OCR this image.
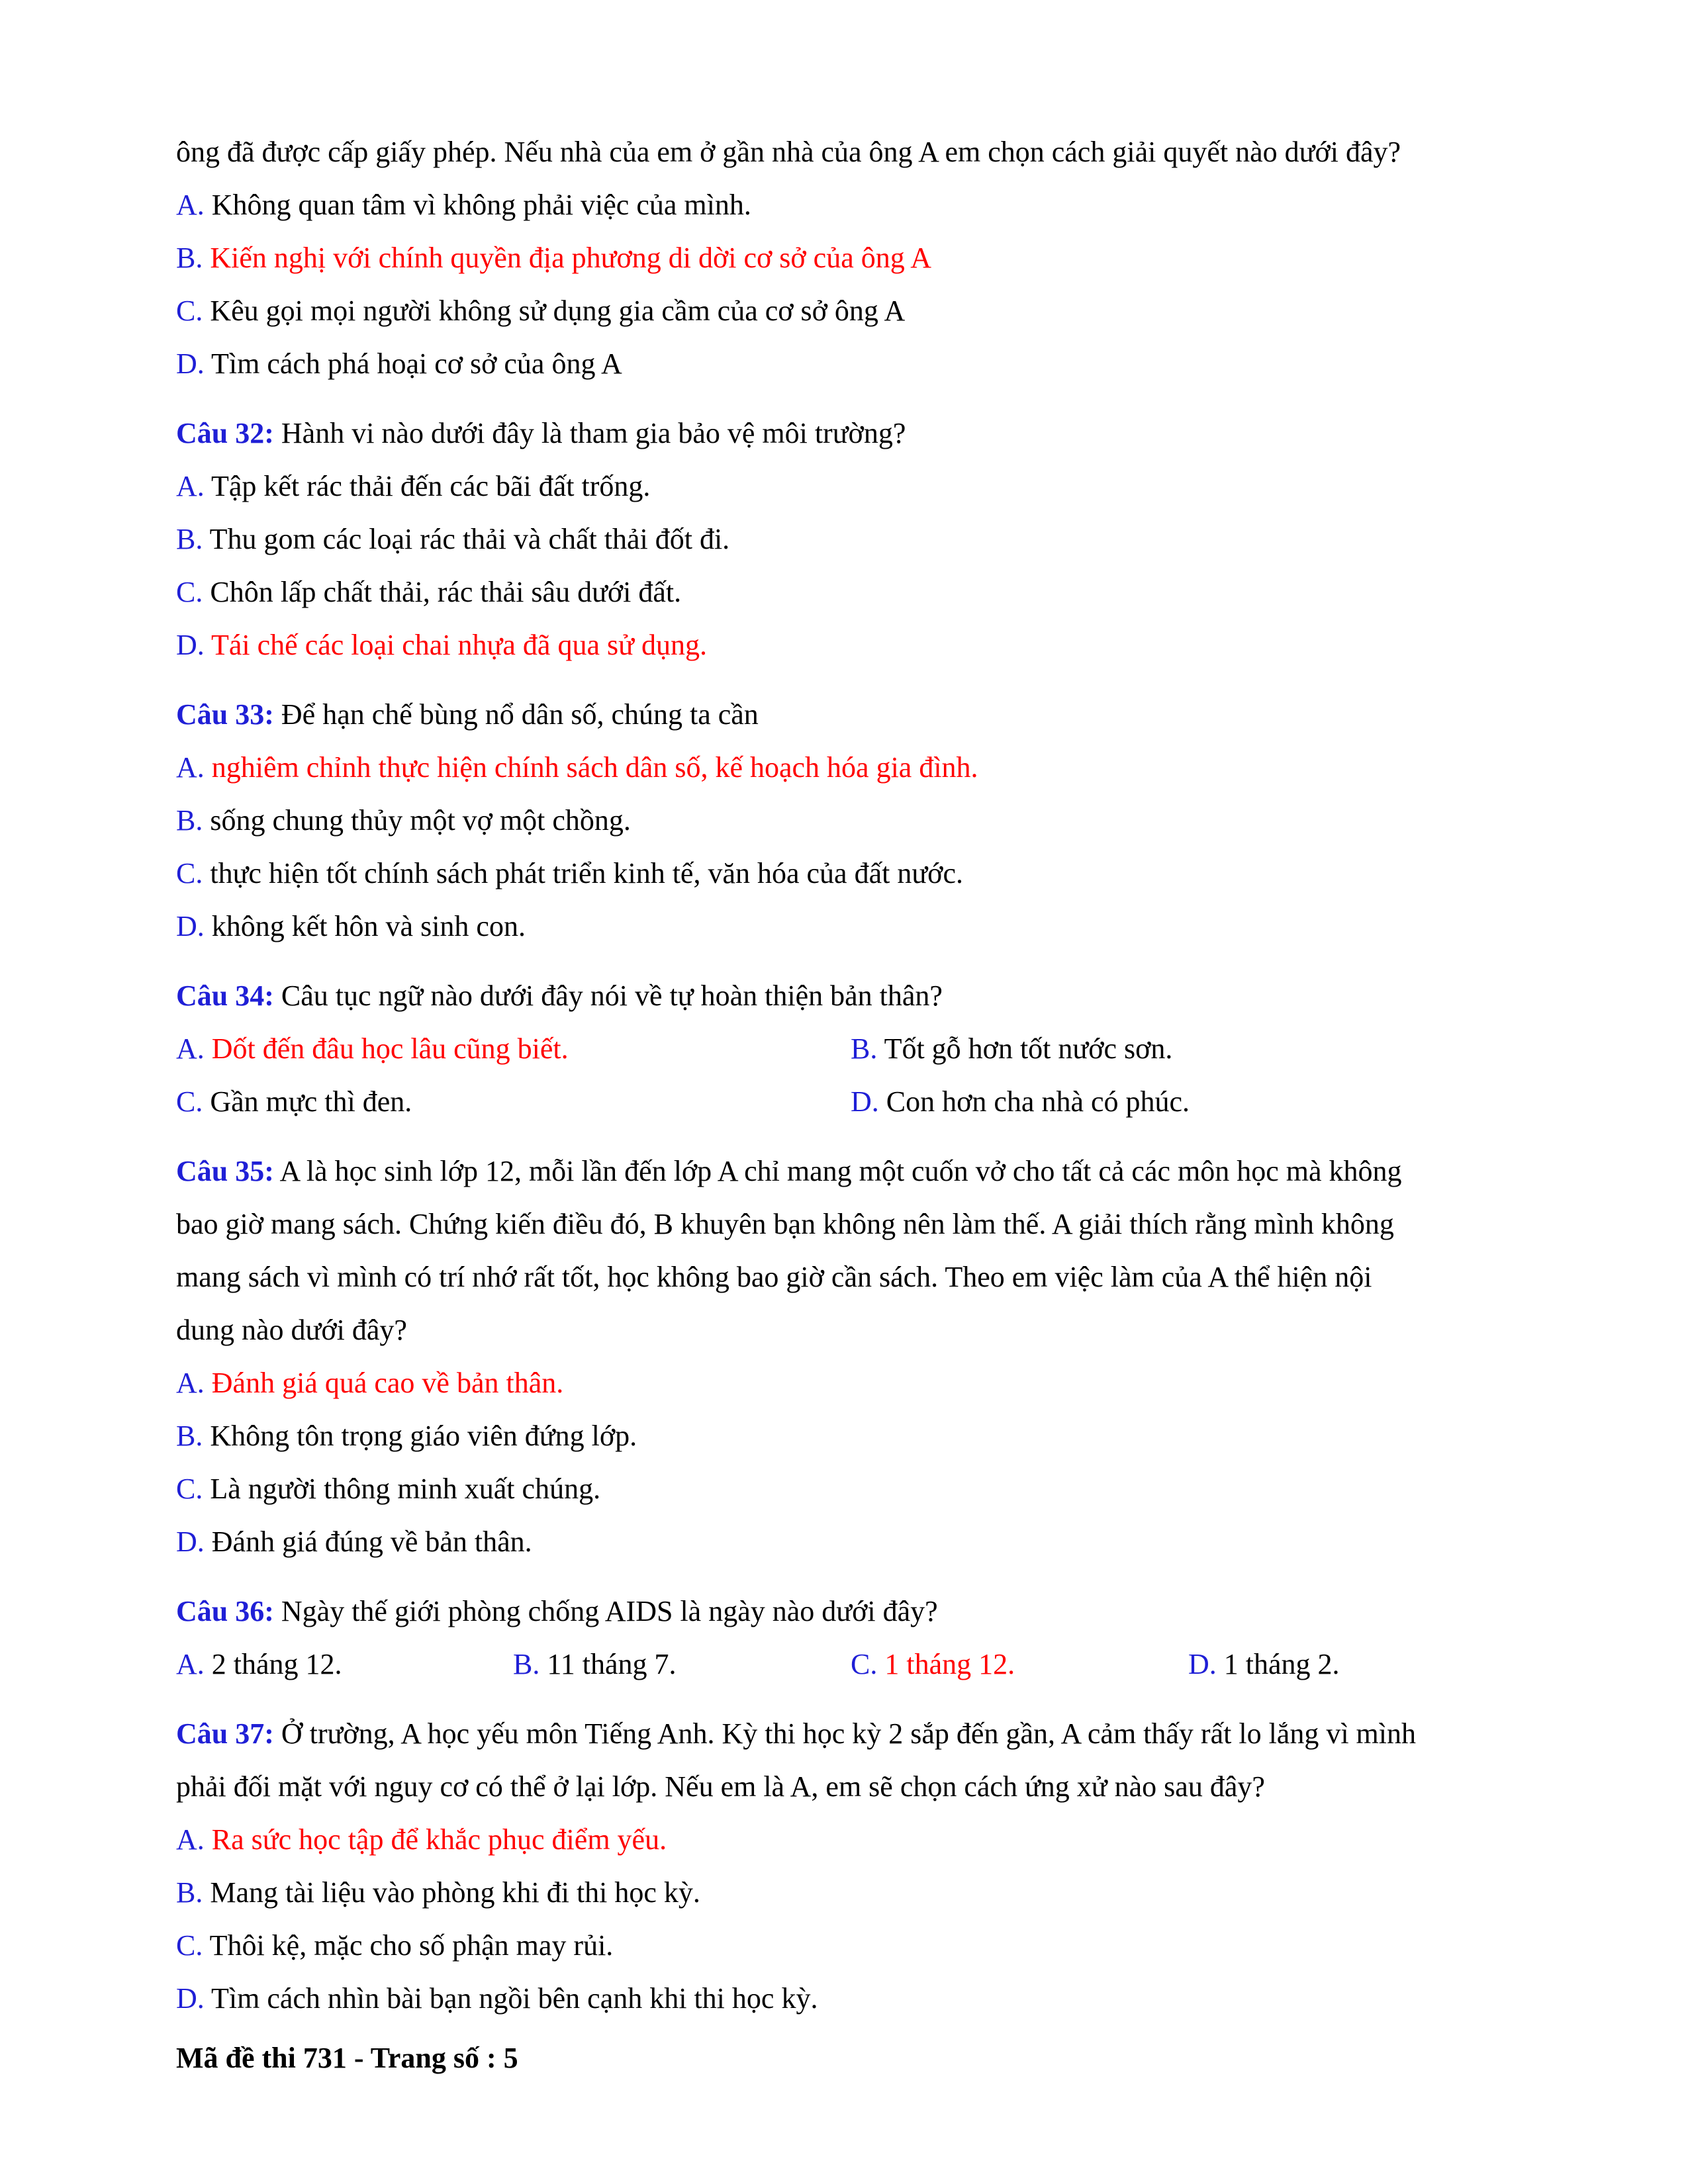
ông đã được cấp giấy phép. Nếu nhà của em ở gần nhà của ông A em chọn cách giải quyết nào dưới đây?
A. Không quan tâm vì không phải việc của mình.
B. Kiến nghị với chính quyền địa phương di dời cơ sở của ông A
C. Kêu gọi mọi người không sử dụng gia cầm của cơ sở ông A
D. Tìm cách phá hoại cơ sở của ông A
Câu 32: Hành vi nào dưới đây là tham gia bảo vệ môi trường?
A. Tập kết rác thải đến các bãi đất trống.
B. Thu gom các loại rác thải và chất thải đốt đi.
C. Chôn lấp chất thải, rác thải sâu dưới đất.
D. Tái chế các loại chai nhựa đã qua sử dụng.
Câu 33: Để hạn chế bùng nổ dân số, chúng ta cần
A. nghiêm chỉnh thực hiện chính sách dân số, kế hoạch hóa gia đình.
B. sống chung thủy một vợ một chồng.
C. thực hiện tốt chính sách phát triển kinh tế, văn hóa của đất nước.
D. không kết hôn và sinh con.
Câu 34: Câu tục ngữ nào dưới đây nói về tự hoàn thiện bản thân?
A. Dốt đến đâu học lâu cũng biết.	B. Tốt gỗ hơn tốt nước sơn.
C. Gần mực thì đen.	D. Con hơn cha nhà có phúc.
Câu 35: A là học sinh lớp 12, mỗi lần đến lớp A chỉ mang một cuốn vở cho tất cả các môn học mà không
bao giờ mang sách. Chứng kiến điều đó, B khuyên bạn không nên làm thế. A giải thích rằng mình không
mang sách vì mình có trí nhớ rất tốt, học không bao giờ cần sách. Theo em việc làm của A thể hiện nội
dung nào dưới đây?
A. Đánh giá quá cao về bản thân.
B. Không tôn trọng giáo viên đứng lớp.
C. Là người thông minh xuất chúng.
D. Đánh giá đúng về bản thân.
Câu 36: Ngày thế giới phòng chống AIDS là ngày nào dưới đây?
A. 2 tháng 12.	B. 11 tháng 7.	C. 1 tháng 12.	D. 1 tháng 2.
Câu 37: Ở trường, A học yếu môn Tiếng Anh. Kỳ thi học kỳ 2 sắp đến gần, A cảm thấy rất lo lắng vì mình
phải đối mặt với nguy cơ có thể ở lại lớp. Nếu em là A, em sẽ chọn cách ứng xử nào sau đây?
A. Ra sức học tập để khắc phục điểm yếu.
B. Mang tài liệu vào phòng khi đi thi học kỳ.
C. Thôi kệ, mặc cho số phận may rủi.
D. Tìm cách nhìn bài bạn ngồi bên cạnh khi thi học kỳ.
Mã đề thi 731 - Trang số : 5
